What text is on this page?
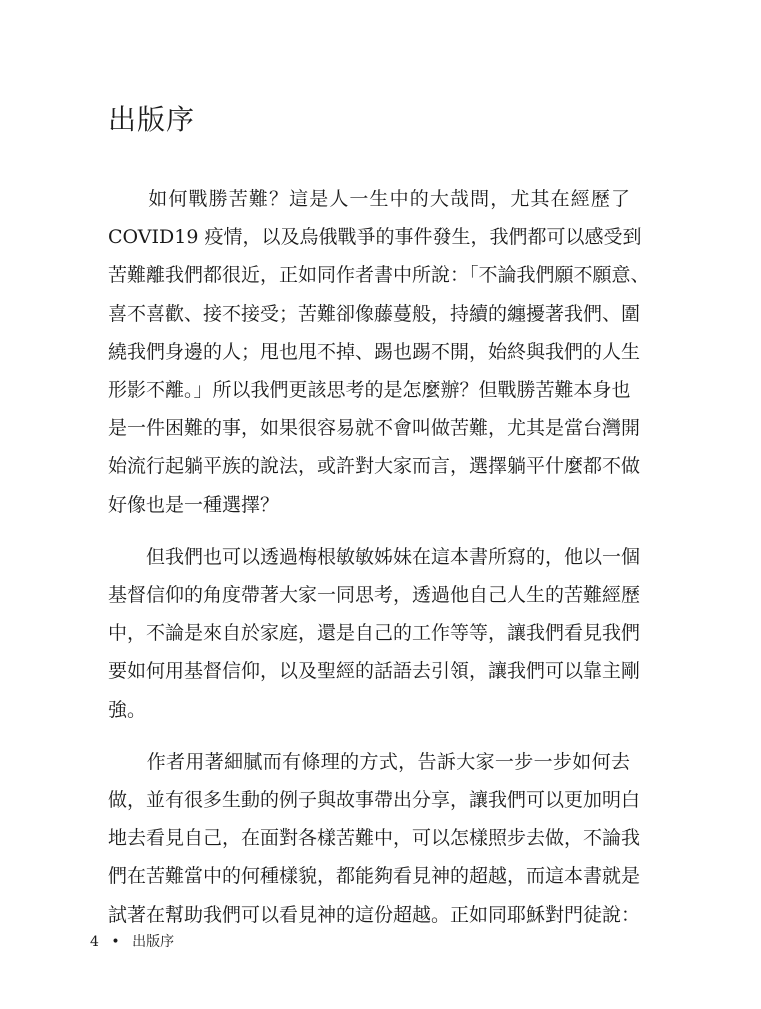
出版序

　　如何戰勝苦難？這是人一生中的大哉問，尤其在經歷了
COVID19 疫情，以及烏俄戰爭的事件發生，我們都可以感受到
苦難離我們都很近，正如同作者書中所說：「不論我們願不願意、
喜不喜歡、接不接受；苦難卻像藤蔓般，持續的纏擾著我們、圍
繞我們身邊的人；甩也甩不掉、踢也踢不開，始終與我們的人生
形影不離。」所以我們更該思考的是怎麼辦？但戰勝苦難本身也
是一件困難的事，如果很容易就不會叫做苦難，尤其是當台灣開
始流行起躺平族的說法，或許對大家而言，選擇躺平什麼都不做
好像也是一種選擇？

　　但我們也可以透過梅根敏敏姊妹在這本書所寫的，他以一個
基督信仰的角度帶著大家一同思考，透過他自己人生的苦難經歷
中，不論是來自於家庭，還是自己的工作等等，讓我們看見我們
要如何用基督信仰，以及聖經的話語去引領，讓我們可以靠主剛
強。

　　作者用著細膩而有條理的方式，告訴大家一步一步如何去
做，並有很多生動的例子與故事帶出分享，讓我們可以更加明白
地去看見自己，在面對各樣苦難中，可以怎樣照步去做，不論我
們在苦難當中的何種樣貌，都能夠看見神的超越，而這本書就是
試著在幫助我們可以看見神的這份超越。正如同耶穌對門徒說：

4 • 出版序
